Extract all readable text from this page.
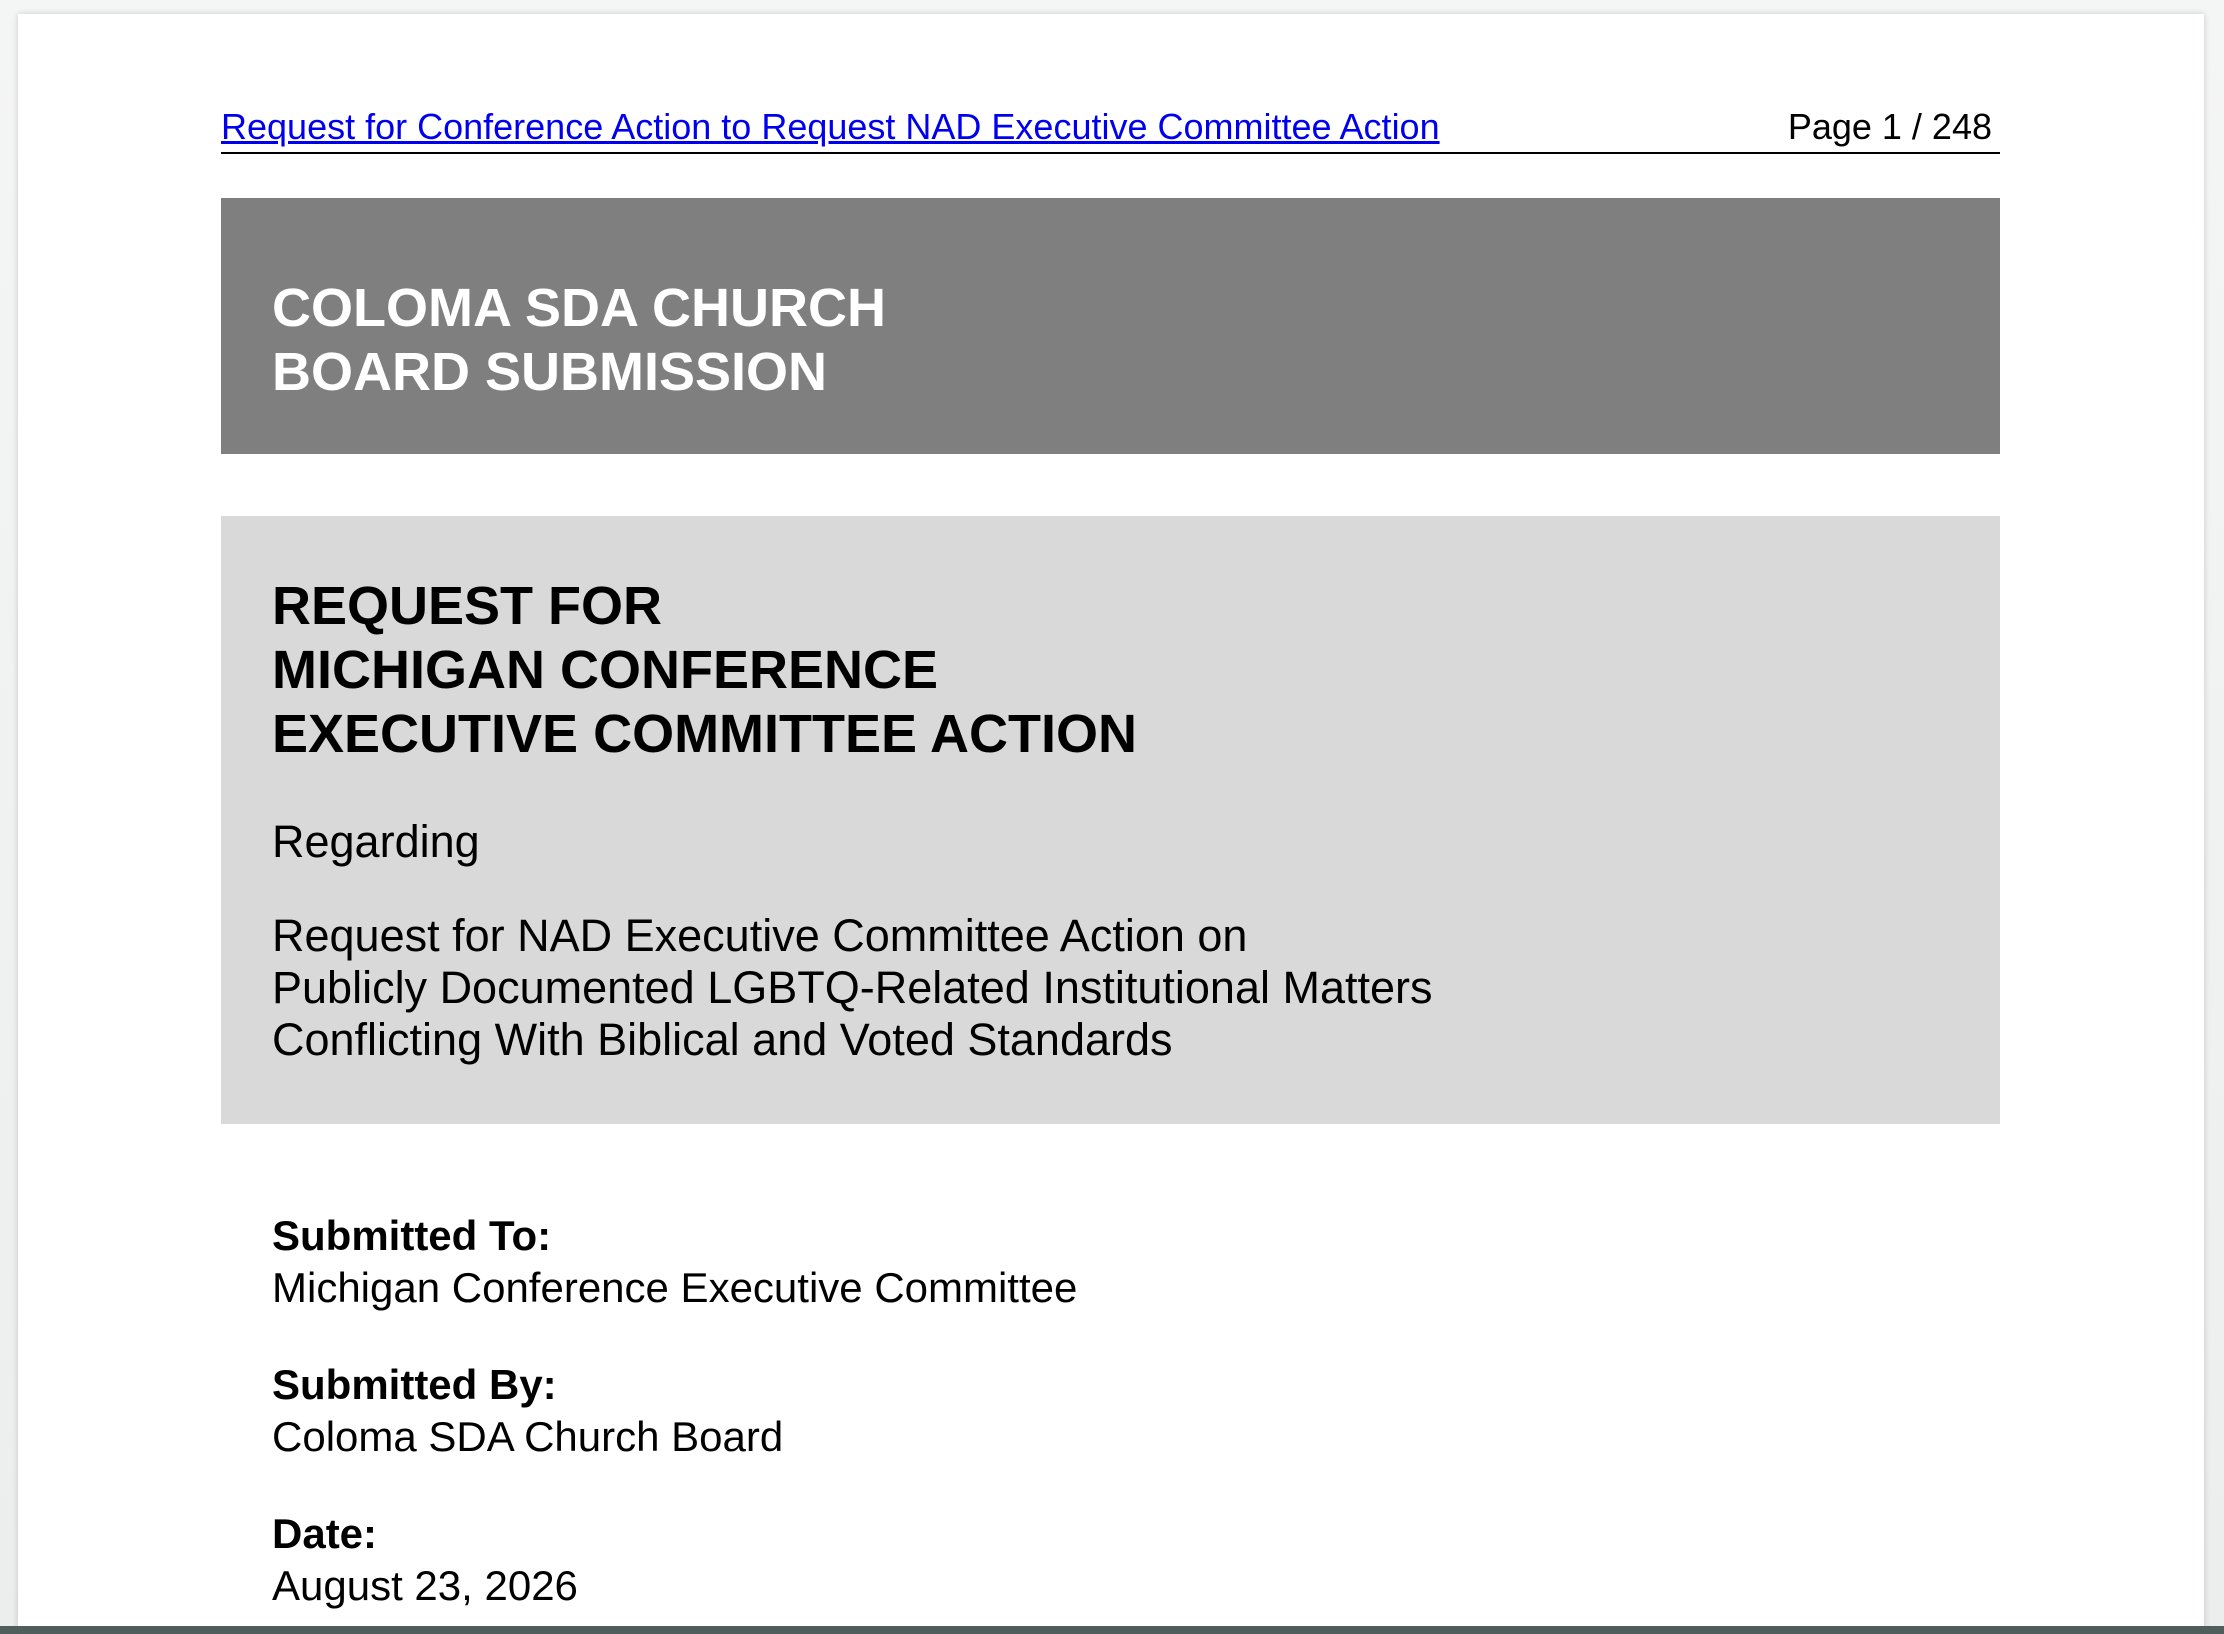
Request for Conference Action to Request NAD Executive Committee Action	Page 1 / 248
COLOMA SDA CHURCH
BOARD SUBMISSION
REQUEST FOR
MICHIGAN CONFERENCE
EXECUTIVE COMMITTEE ACTION
Regarding
Request for NAD Executive Committee Action on
Publicly Documented LGBTQ-Related Institutional Matters
Conflicting With Biblical and Voted Standards
Submitted To:
Michigan Conference Executive Committee
Submitted By:
Coloma SDA Church Board
Date:
August 23, 2026
